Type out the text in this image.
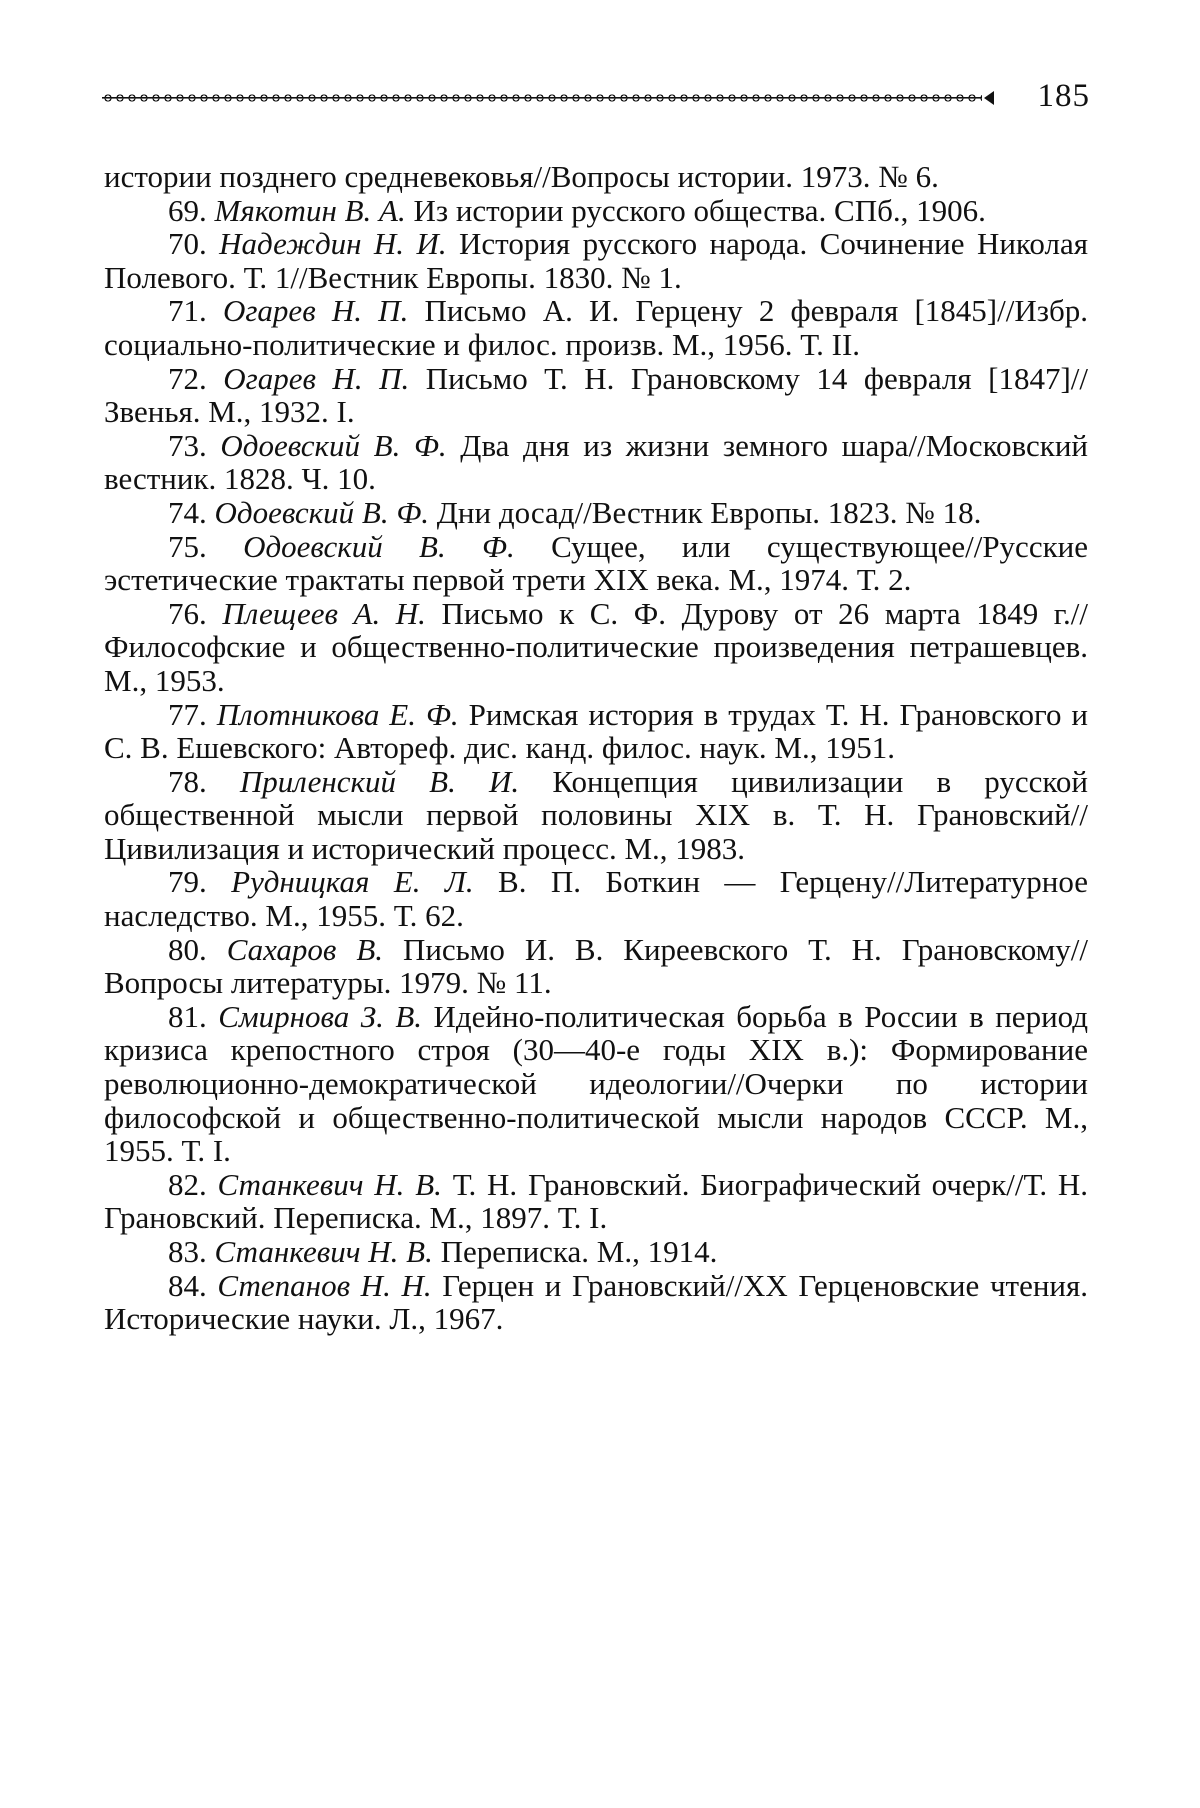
185

истории позднего средневековья//Вопросы истории. 1973. № 6.

69. Мякотин В. А. Из истории русского общества. СПб., 1906.

70. Надеждин Н. И. История русского народа. Сочинение Николая Полевого. Т. 1//Вестник Европы. 1830. № 1.

71. Огарев Н. П. Письмо А. И. Герцену 2 февраля [1845]//Избр. социально-политические и филос. произв. М., 1956. Т. II.

72. Огарев Н. П. Письмо Т. Н. Грановскому 14 февраля [1847]//Звенья. М., 1932. I.

73. Одоевский В. Ф. Два дня из жизни земного шара//Московский вестник. 1828. Ч. 10.

74. Одоевский В. Ф. Дни досад//Вестник Европы. 1823. № 18.

75. Одоевский В. Ф. Сущее, или существующее//Русские эстетические трактаты первой трети XIX века. М., 1974. Т. 2.

76. Плещеев А. Н. Письмо к С. Ф. Дурову от 26 марта 1849 г.//Философские и общественно-политические произведения петрашевцев. М., 1953.

77. Плотникова Е. Ф. Римская история в трудах Т. Н. Грановского и С. В. Ешевского: Автореф. дис. канд. филос. наук. М., 1951.

78. Приленский В. И. Концепция цивилизации в русской общественной мысли первой половины XIX в. Т. Н. Грановский//Цивилизация и исторический процесс. М., 1983.

79. Рудницкая Е. Л. В. П. Боткин — Герцену//Литературное наследство. М., 1955. Т. 62.

80. Сахаров В. Письмо И. В. Киреевского Т. Н. Грановскому//Вопросы литературы. 1979. № 11.

81. Смирнова З. В. Идейно-политическая борьба в России в период кризиса крепостного строя (30—40-е годы XIX в.): Формирование революционно-демократической идеологии//Очерки по истории философской и общественно-политической мысли народов СССР. М., 1955. Т. I.

82. Станкевич Н. В. Т. Н. Грановский. Биографический очерк//Т. Н. Грановский. Переписка. М., 1897. Т. I.

83. Станкевич Н. В. Переписка. М., 1914.

84. Степанов Н. Н. Герцен и Грановский//XX Герценовские чтения. Исторические науки. Л., 1967.
